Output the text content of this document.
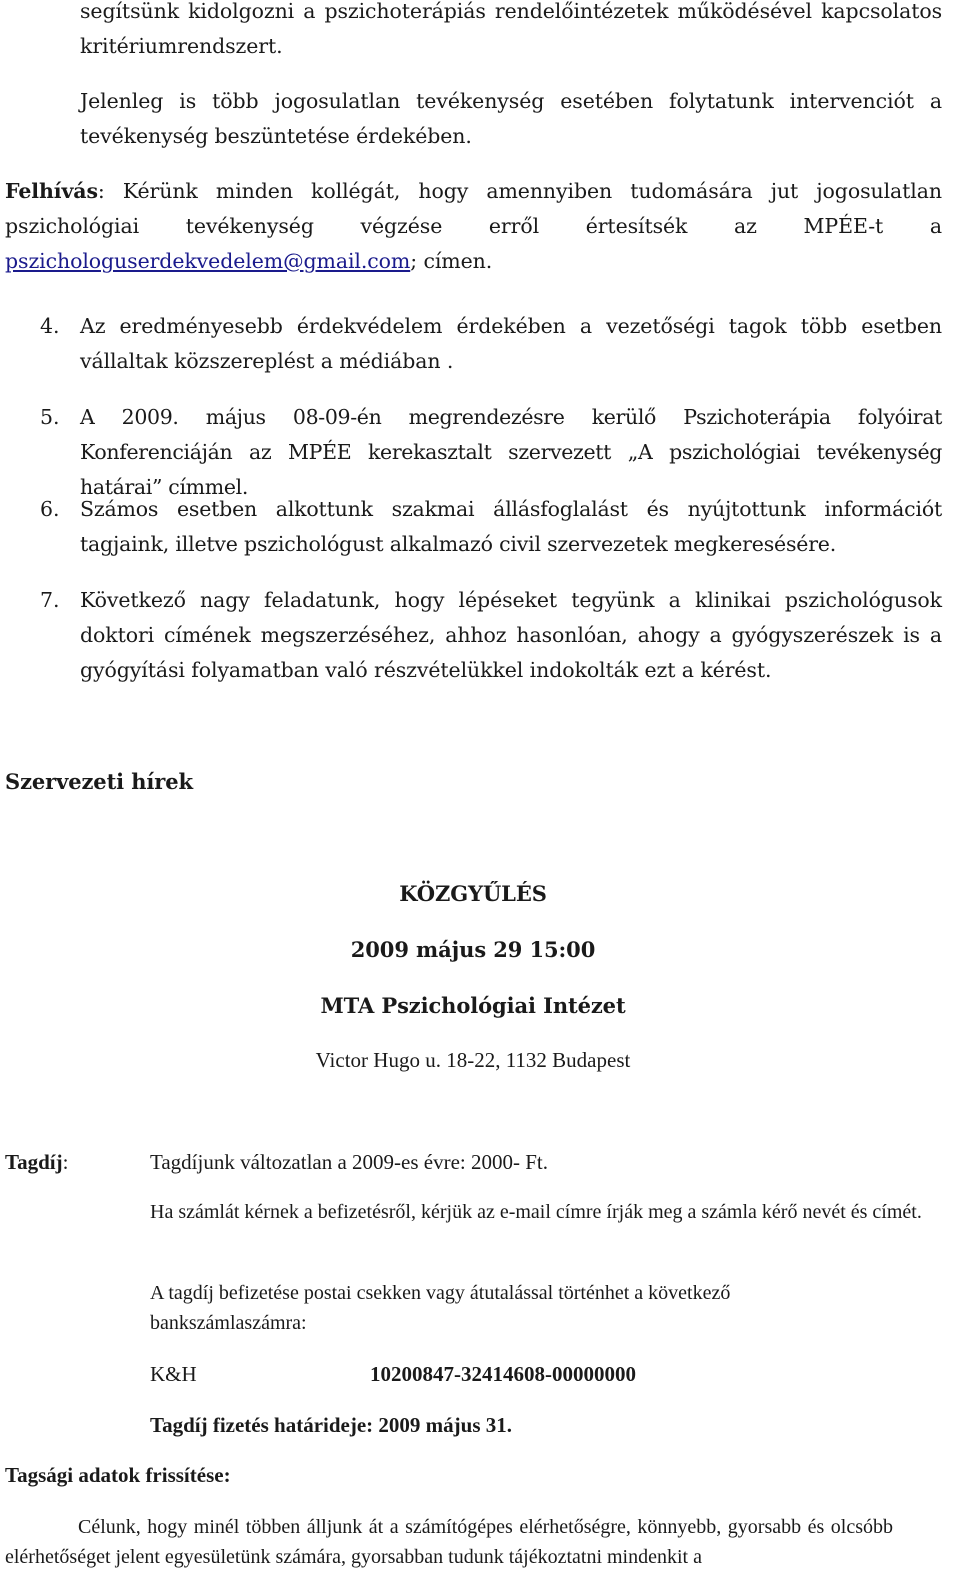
segítsünk kidolgozni a pszichoterápiás rendelőintézetek működésével kapcsolatos

kritériumrendszert.

Jelenleg is több jogosulatlan tevékenység esetében folytatunk intervenciót a tevékenység beszüntetése érdekében.

Felhívás: Kérünk minden kollégát, hogy amennyiben tudomására jut jogosulatlan pszichológiai tevékenység végzése erről értesítsék az MPÉE-t a pszichologuserdekvedelem@gmail.com; címen.

4. Az eredményesebb érdekvédelem érdekében a vezetőségi tagok több esetben vállaltak közszereplést a médiában .

5. A 2009. május 08-09-én megrendezésre kerülő Pszichoterápia folyóirat Konferenciáján az MPÉE kerekasztalt szervezett „A pszichológiai tevékenység határai” címmel.

6. Számos esetben alkottunk szakmai állásfoglalást és nyújtottunk információt tagjaink, illetve pszichológust alkalmazó civil szervezetek megkeresésére.

7. Következő nagy feladatunk, hogy lépéseket tegyünk a klinikai pszichológusok doktori címének megszerzéséhez, ahhoz hasonlóan, ahogy a gyógyszerészek is a gyógyítási folyamatban való részvételükkel indokolták ezt a kérést.

Szervezeti hírek
KÖZGYŰLÉS
2009 május 29 15:00
MTA Pszichológiai Intézet
Victor Hugo u. 18-22, 1132 Budapest
Tagdíj:	Tagdíjunk változatlan a 2009-es évre: 2000- Ft.

Ha számlát kérnek a befizetésről, kérjük az e-mail címre írják meg a számla kérő nevét és címét.

A tagdíj befizetése postai csekken vagy átutalással történhet a következő bankszámlaszámra:

K&H	10200847-32414608-00000000
Tagdíj fizetés határideje: 2009 május 31.
Tagsági adatok frissítése:

Célunk, hogy minél többen álljunk át a számítógépes elérhetőségre, könnyebb, gyorsabb és olcsóbb elérhetőséget jelent egyesületünk számára, gyorsabban tudunk tájékoztatni mindenkit a
